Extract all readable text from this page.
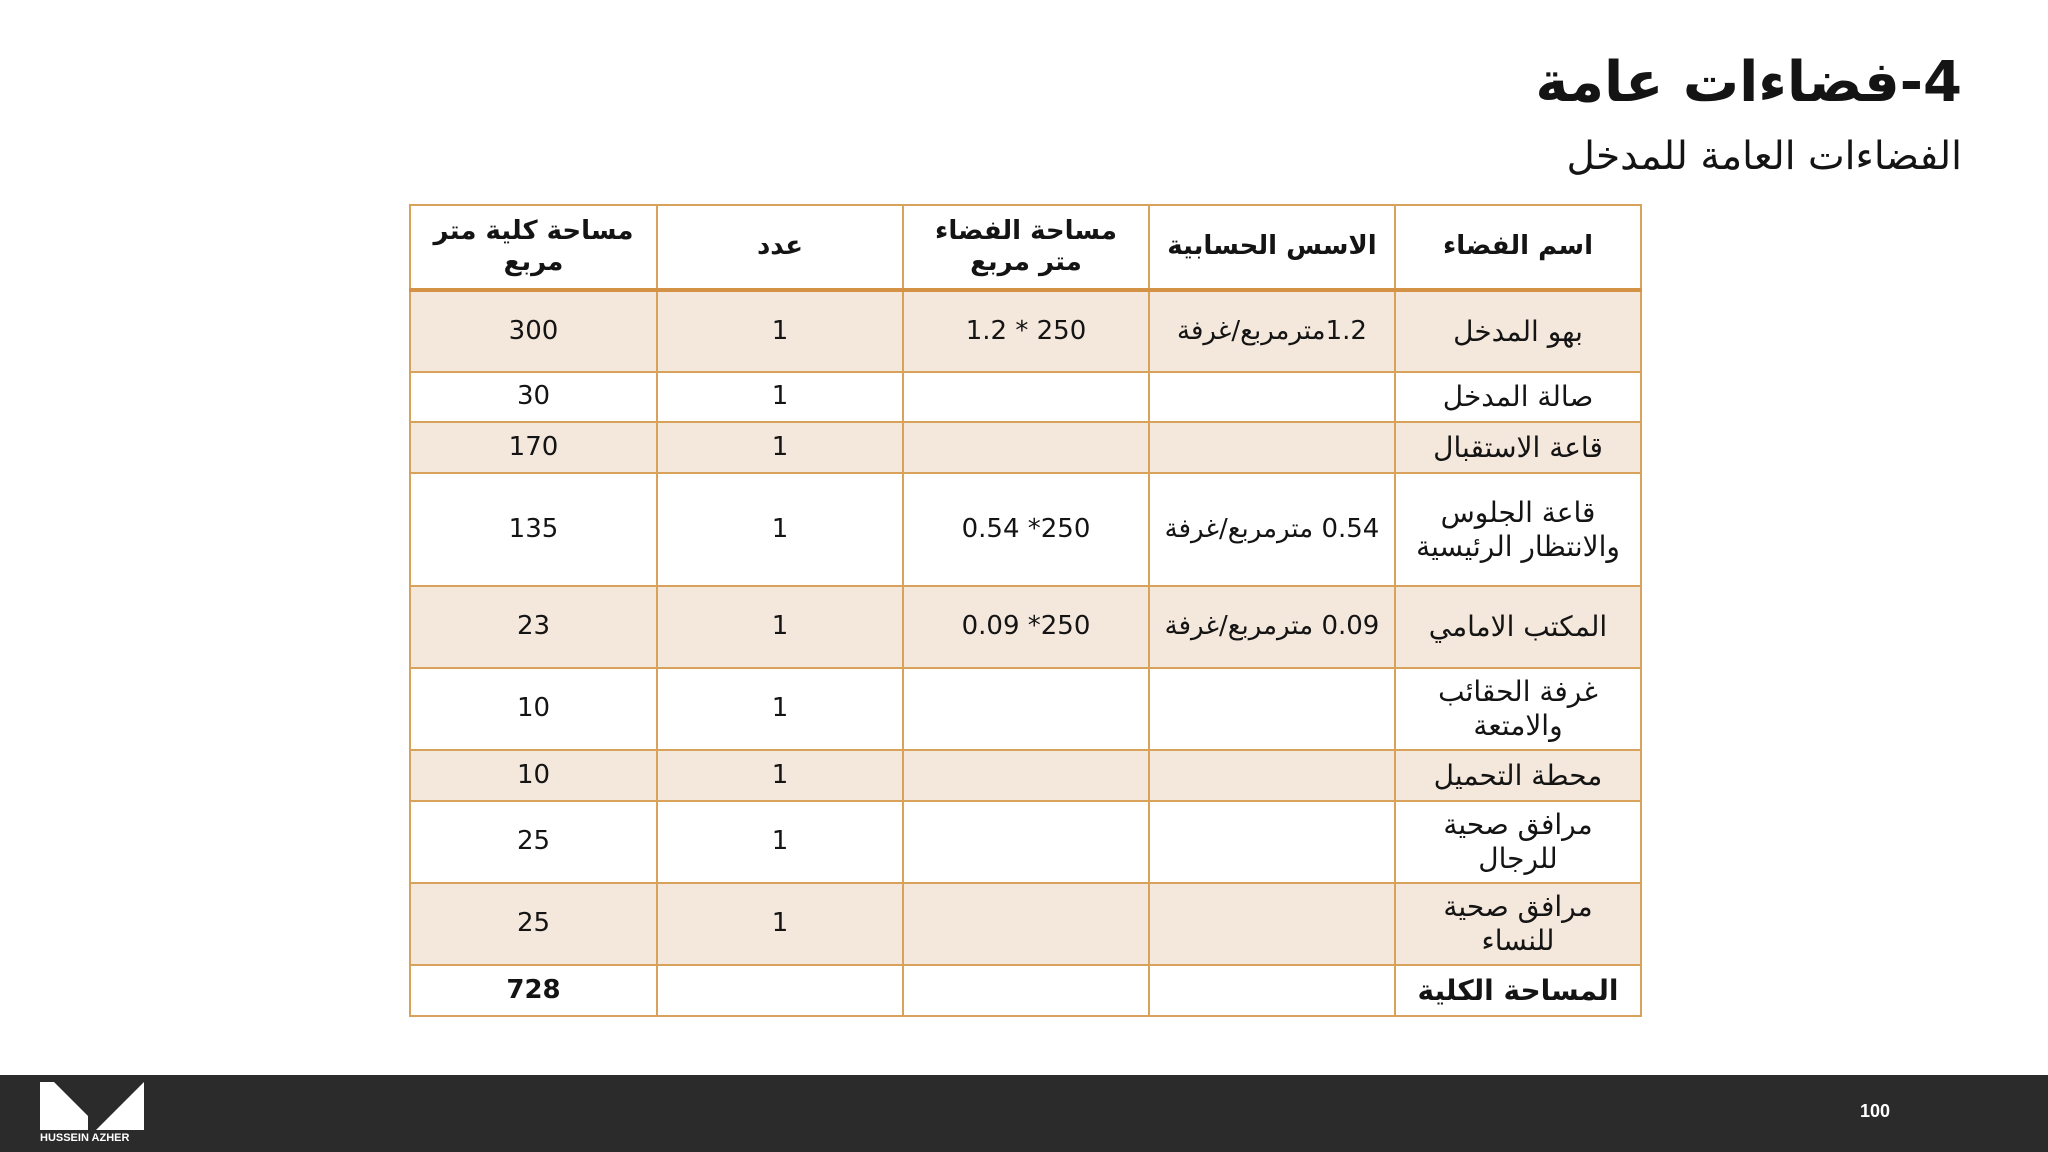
4-فضاءات عامة
الفضاءات العامة للمدخل
اسم الفضاء	الاسس الحسابية	مساحة الفضاء متر مربع	عدد	مساحة كلية متر مربع
بهو المدخل	1.2مترمربع/غرفة	250 * 1.2	1	300
صالة المدخل			1	30
قاعة الاستقبال			1	170
قاعة الجلوس والانتظار الرئيسية	0.54 مترمربع/غرفة	250* 0.54	1	135
المكتب الامامي	0.09 مترمربع/غرفة	250* 0.09	1	23
غرفة الحقائب والامتعة			1	10
محطة التحميل			1	10
مرافق صحية للرجال			1	25
مرافق صحية للنساء			1	25
المساحة الكلية				728
HUSSEIN AZHER
100
